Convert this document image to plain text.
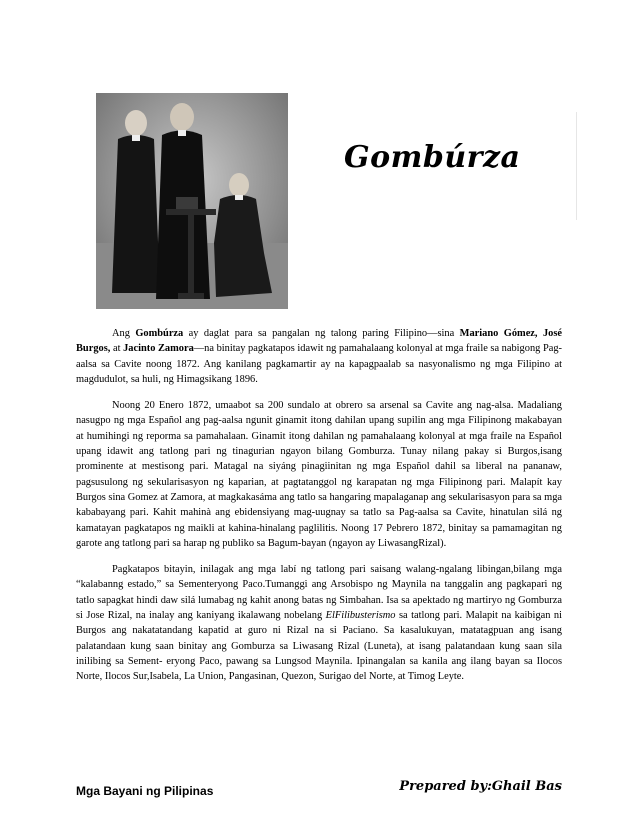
Gombúrza

Ang Gombúrza ay daglat para sa pangalan ng talong paring Filipino—sina Mariano Gómez, José Burgos, at Jacinto Zamora—na binitay pagkatapos idawit ng pamahalaang kolonyal at mga fraile sa nabigong Pag-aalsa sa Cavite noong 1872. Ang kanilang pagkamartir ay na kapagpaalab sa nasyonalismo ng mga Filipino at magdudulot, sa huli, ng Himagsikang 1896.

Noong 20 Enero 1872, umaabot sa 200 sundalo at obrero sa arsenal sa Cavite ang nag-alsa. Madaliang nasugpo ng mga Español ang pag-aalsa ngunit ginamit itong dahilan upang supilin ang mga Filipinong makabayan at humihingi ng reporma sa pamahalaan. Ginamit itong dahilan ng pamahalaang kolonyal at mga fraile na Español upang idawit ang tatlong pari ng tinagurian ngayon bilang Gomburza. Tunay nilang pakay si Burgos,isang prominente at mestisong pari. Matagal na siyáng pinagiinitan ng mga Español dahil sa liberal na pananaw, pagsusulong ng sekularisasyon ng kaparian, at pagtatanggol ng karapatan ng mga Filipinong pari. Malapít kay Burgos sina Gomez at Zamora, at magkakasáma ang tatlo sa hangaring mapalaganap ang sekularisasyon para sa mga kababayang pari. Kahit mahinà ang ebidensiyang mag-uugnay sa tatlo sa Pag-aalsa sa Cavite, hinatulan silá ng kamatayan pagkatapos ng maikli at kahina-hinalang paglilitis. Noong 17 Pebrero 1872, binitay sa pamamagitan ng garote ang tatlong pari sa harap ng publiko sa Bagum-bayan (ngayon ay LiwasangRizal).

Pagkatapos bitayin, inilagak ang mga labí ng tatlong pari saisang walang-ngalang libingan,bilang mga “kalabanng estado,” sa Sementeryong Paco.Tumanggi ang Arsobispo ng Maynila na tanggalin ang pagkapari ng tatlo sapagkat hindi daw silá lumabag ng kahit anong batas ng Simbahan. Isa sa apektado ng martiryo ng Gomburza si Jose Rizal, na inalay ang kaniyang ikalawang nobelang ElFilibusterismo sa tatlong pari. Malapit na kaibigan ni Burgos ang nakatatandang kapatid at guro ni Rizal na si Paciano. Sa kasalukuyan, matatagpuan ang isang palatandaan kung saan binitay ang Gomburza sa Liwasang Rizal (Luneta), at isang palatandaan kung saan sila inilibing sa Sement- eryong Paco, pawang sa Lungsod Maynila. Ipinangalan sa kanila ang ilang bayan sa Ilocos Norte, Ilocos Sur,Isabela, La Union, Pangasinan, Quezon, Surigao del Norte, at Timog Leyte.

Mga Bayani ng Pilipinas	Prepared by:Ghail Bas
